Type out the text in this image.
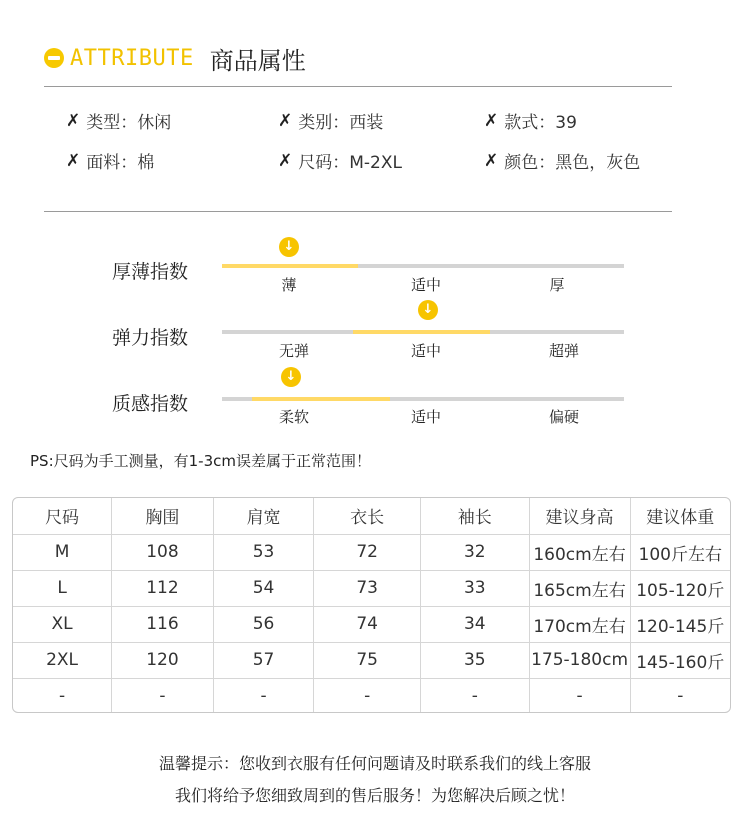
ATTRIBUTE 商品属性
✗ 类型：休闲	✗ 类别：西装	✗ 款式：39
✗ 面料：棉	✗ 尺码：M-2XL	✗ 颜色：黑色，灰色
厚薄指数
↓
薄	适中	厚
弹力指数
↓
无弹	适中	超弹
质感指数
↓
柔软	适中	偏硬
PS:尺码为手工测量，有1-3cm误差属于正常范围！
尺码	胸围	肩宽	衣长	袖长	建议身高	建议体重
M	108	53	72	32	160cm左右	100斤左右
L	112	54	73	33	165cm左右	105-120斤
XL	116	56	74	34	170cm左右	120-145斤
2XL	120	57	75	35	175-180cm	145-160斤
-	-	-	-	-	-	-
温馨提示：您收到衣服有任何问题请及时联系我们的线上客服
我们将给予您细致周到的售后服务！为您解决后顾之忧！
